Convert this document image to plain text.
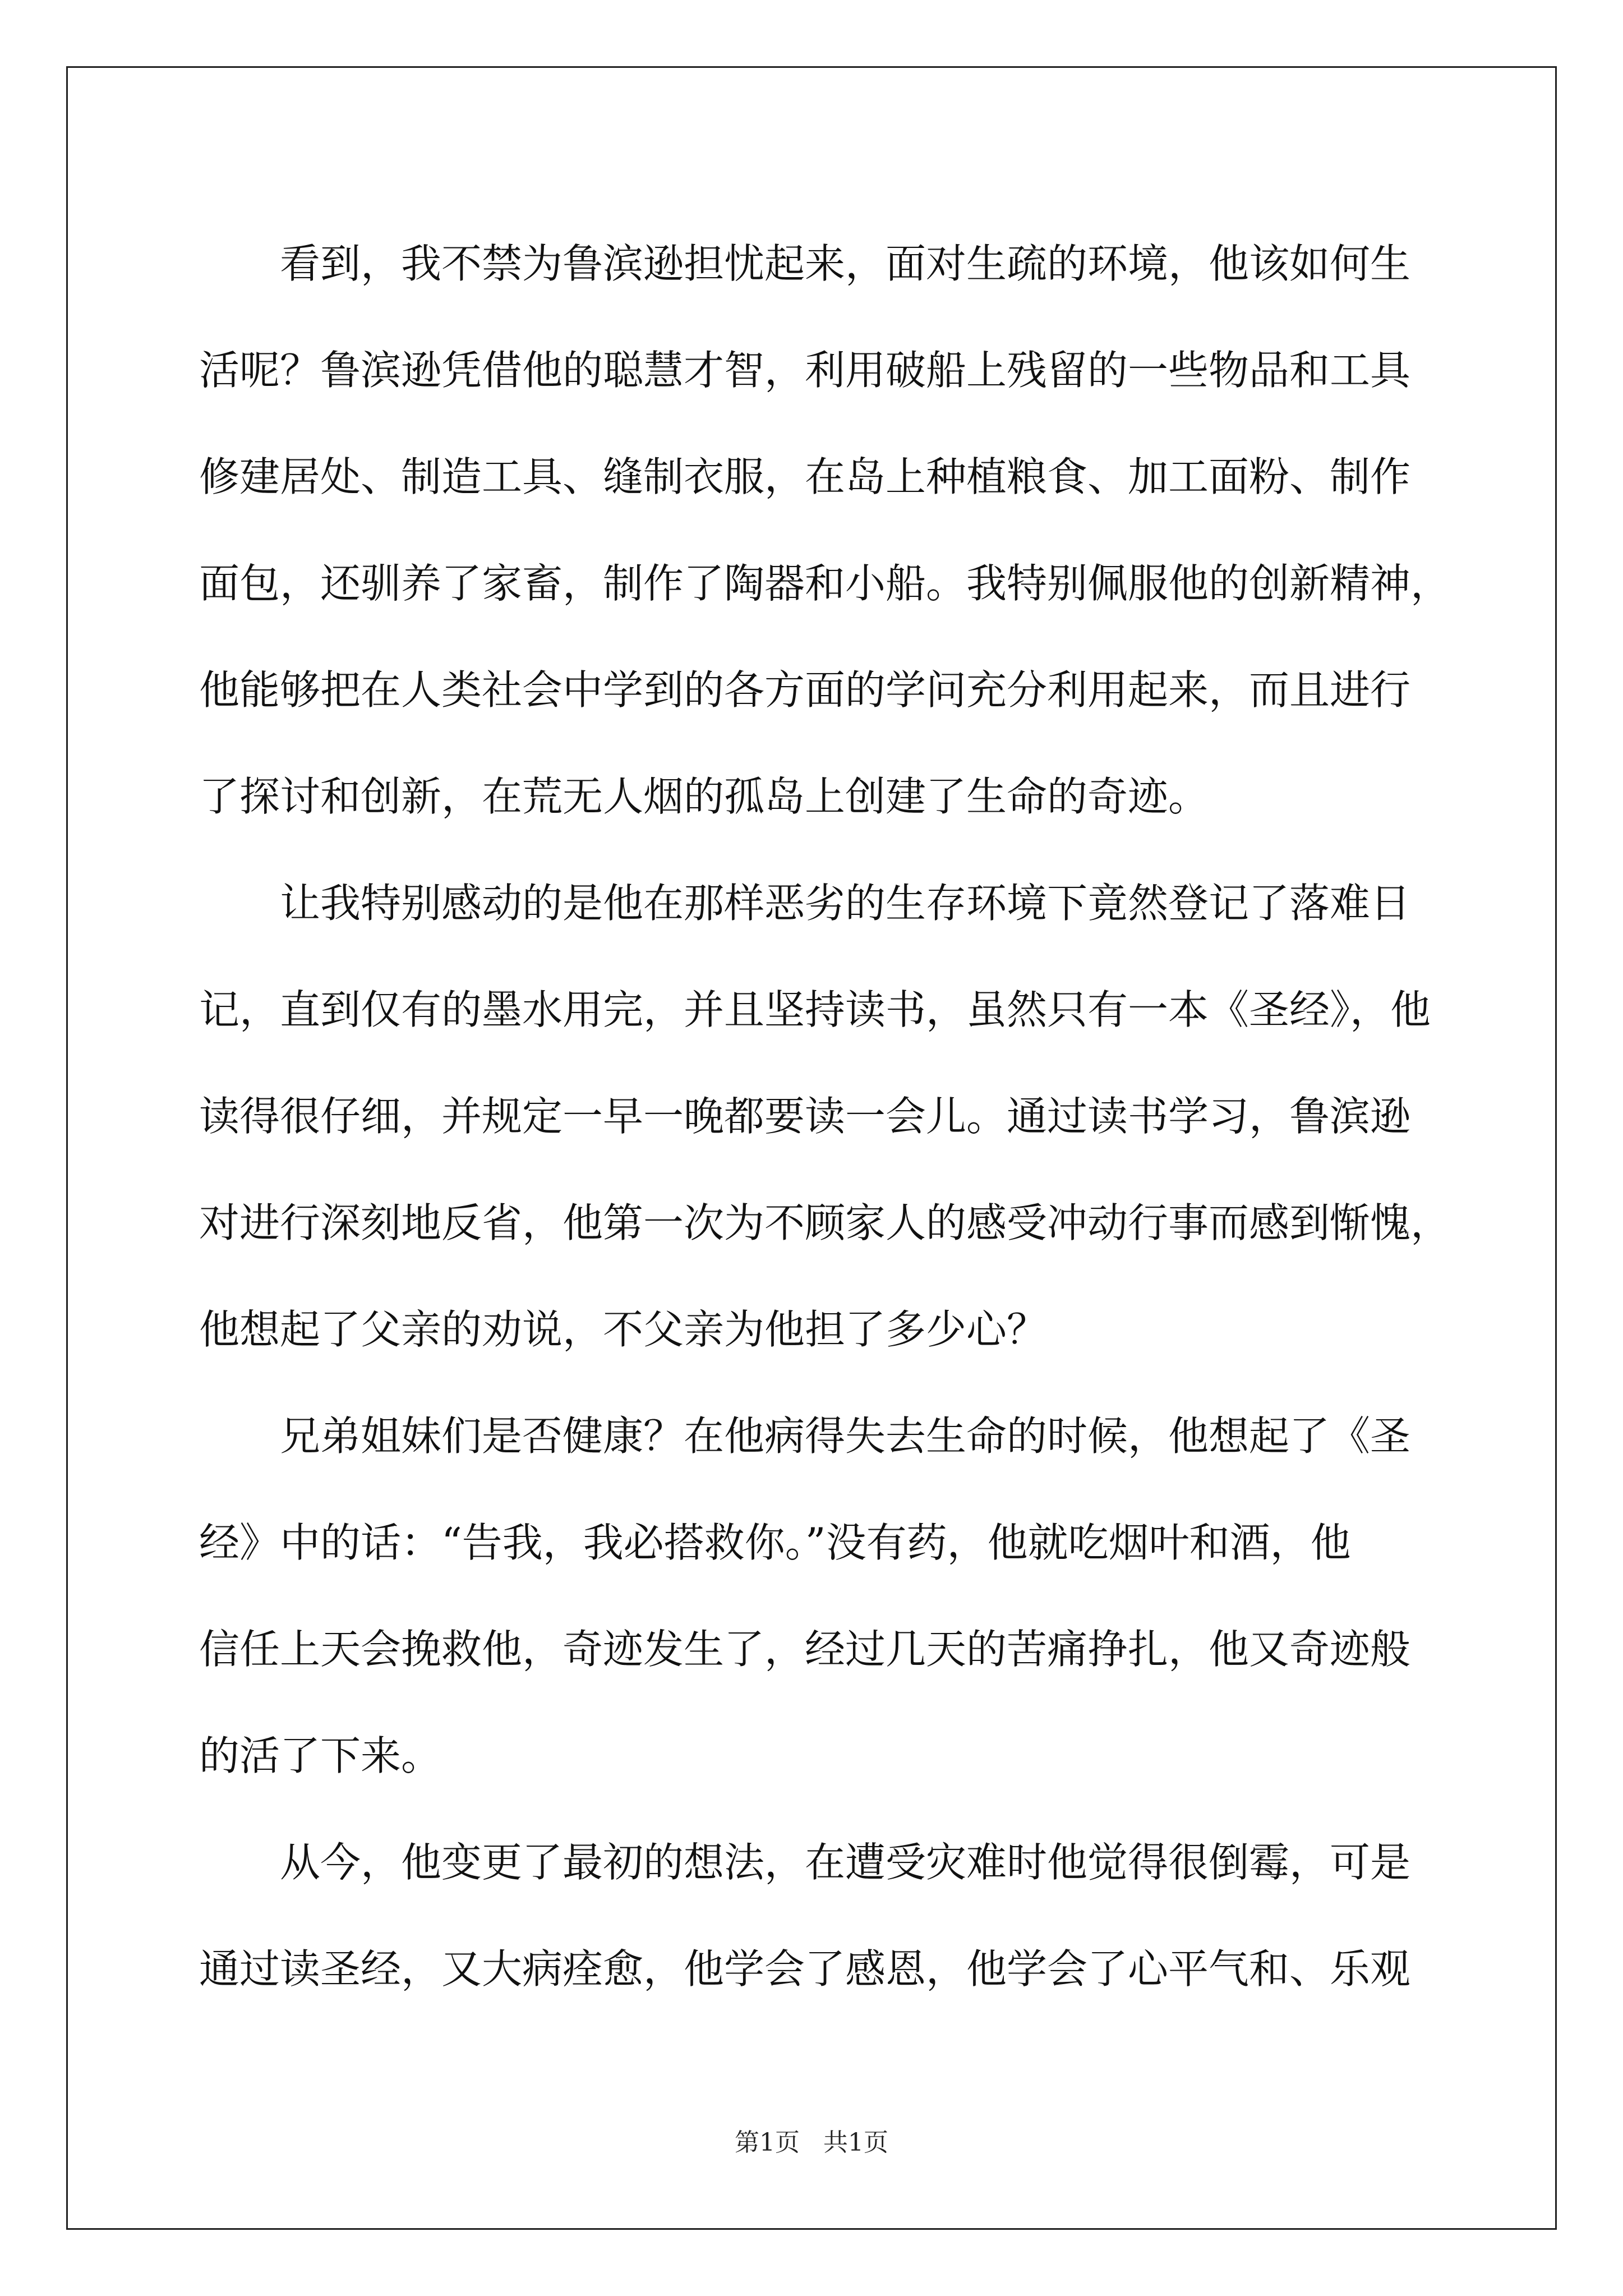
看到，我不禁为鲁滨逊担忧起来，面对生疏的环境，他该如何生
活呢？鲁滨逊凭借他的聪慧才智，利用破船上残留的一些物品和工具
修建居处、制造工具、缝制衣服，在岛上种植粮食、加工面粉、制作
面包，还驯养了家畜，制作了陶器和小船。我特别佩服他的创新精神，
他能够把在人类社会中学到的各方面的学问充分利用起来，而且进行
了探讨和创新，在荒无人烟的孤岛上创建了生命的奇迹。
让我特别感动的是他在那样恶劣的生存环境下竟然登记了落难日
记，直到仅有的墨水用完，并且坚持读书，虽然只有一本《圣经》，他
读得很仔细，并规定一早一晚都要读一会儿。通过读书学习，鲁滨逊
对进行深刻地反省，他第一次为不顾家人的感受冲动行事而感到惭愧，
他想起了父亲的劝说，不父亲为他担了多少心？
兄弟姐妹们是否健康？在他病得失去生命的时候，他想起了《圣
经》中的话：“告我，我必搭救你。”没有药，他就吃烟叶和酒，他
信任上天会挽救他，奇迹发生了，经过几天的苦痛挣扎，他又奇迹般
的活了下来。
从今，他变更了最初的想法，在遭受灾难时他觉得很倒霉，可是
通过读圣经，又大病痊愈，他学会了感恩，他学会了心平气和、乐观
第1页   共1页
